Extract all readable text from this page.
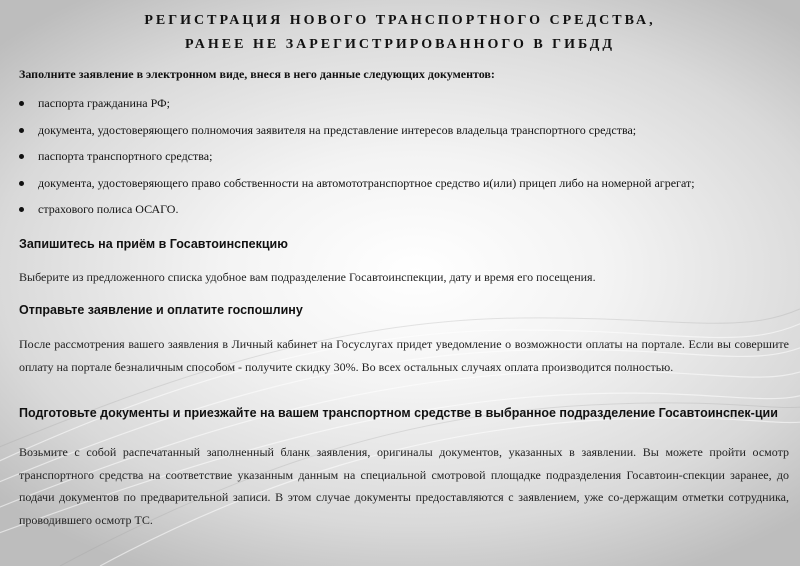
РЕГИСТРАЦИЯ НОВОГО ТРАНСПОРТНОГО СРЕДСТВА,
РАНЕЕ НЕ ЗАРЕГИСТРИРОВАННОГО В ГИБДД

Заполните заявление в электронном виде, внеся в него данные следующих документов:

паспорта гражданина РФ;
документа, удостоверяющего полномочия заявителя на представление интересов владельца транспортного средства;
паспорта транспортного средства;
документа, удостоверяющего право собственности на автомототранспортное средство и(или) прицеп либо на номерной агрегат;
страхового полиса ОСАГО.
Запишитесь на приём в Госавтоинспекцию

Выберите из предложенного списка удобное вам подразделение Госавтоинспекции, дату и время его посещения.

Отправьте заявление и оплатите госпошлину

После рассмотрения вашего заявления в Личный кабинет на Госуслугах придет уведомление о возможности оплаты на портале. Если вы совершите оплату на портале безналичным способом - получите скидку 30%. Во всех остальных случаях оплата производится полностью.

Подготовьте документы и приезжайте на вашем транспортном средстве в выбранное подразделение Госавтоинспек-ции

Возьмите с собой распечатанный заполненный бланк заявления, оригиналы документов, указанных в заявлении. Вы можете пройти осмотр транспортного средства на соответствие указанным данным на специальной смотровой площадке подразделения Госавтоин-спекции заранее, до подачи документов по предварительной записи. В этом случае документы предоставляются с заявлением, уже со-держащим отметки сотрудника, проводившего осмотр ТС.
